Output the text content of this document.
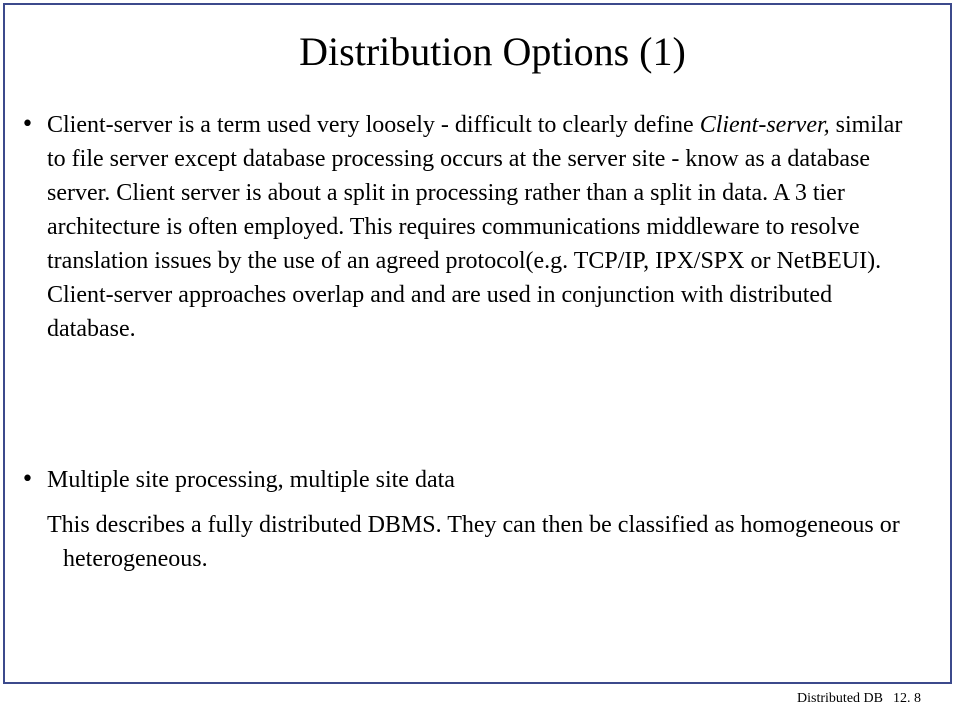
Distribution Options (1)
• Client-server is a term used very loosely - difficult to clearly define Client-server, similar to file server except database processing occurs at the server site - know as a database server. Client server is about a split in processing rather than a split in data. A 3 tier architecture is often employed. This requires communications middleware to resolve translation issues by the use of an agreed protocol(e.g. TCP/IP, IPX/SPX or NetBEUI). Client-server approaches overlap and and are used in conjunction with distributed database.

• Multiple site processing, multiple site data

This describes a fully distributed DBMS. They can then be classified as homogeneous or heterogeneous.

Distributed DB 12. 8
